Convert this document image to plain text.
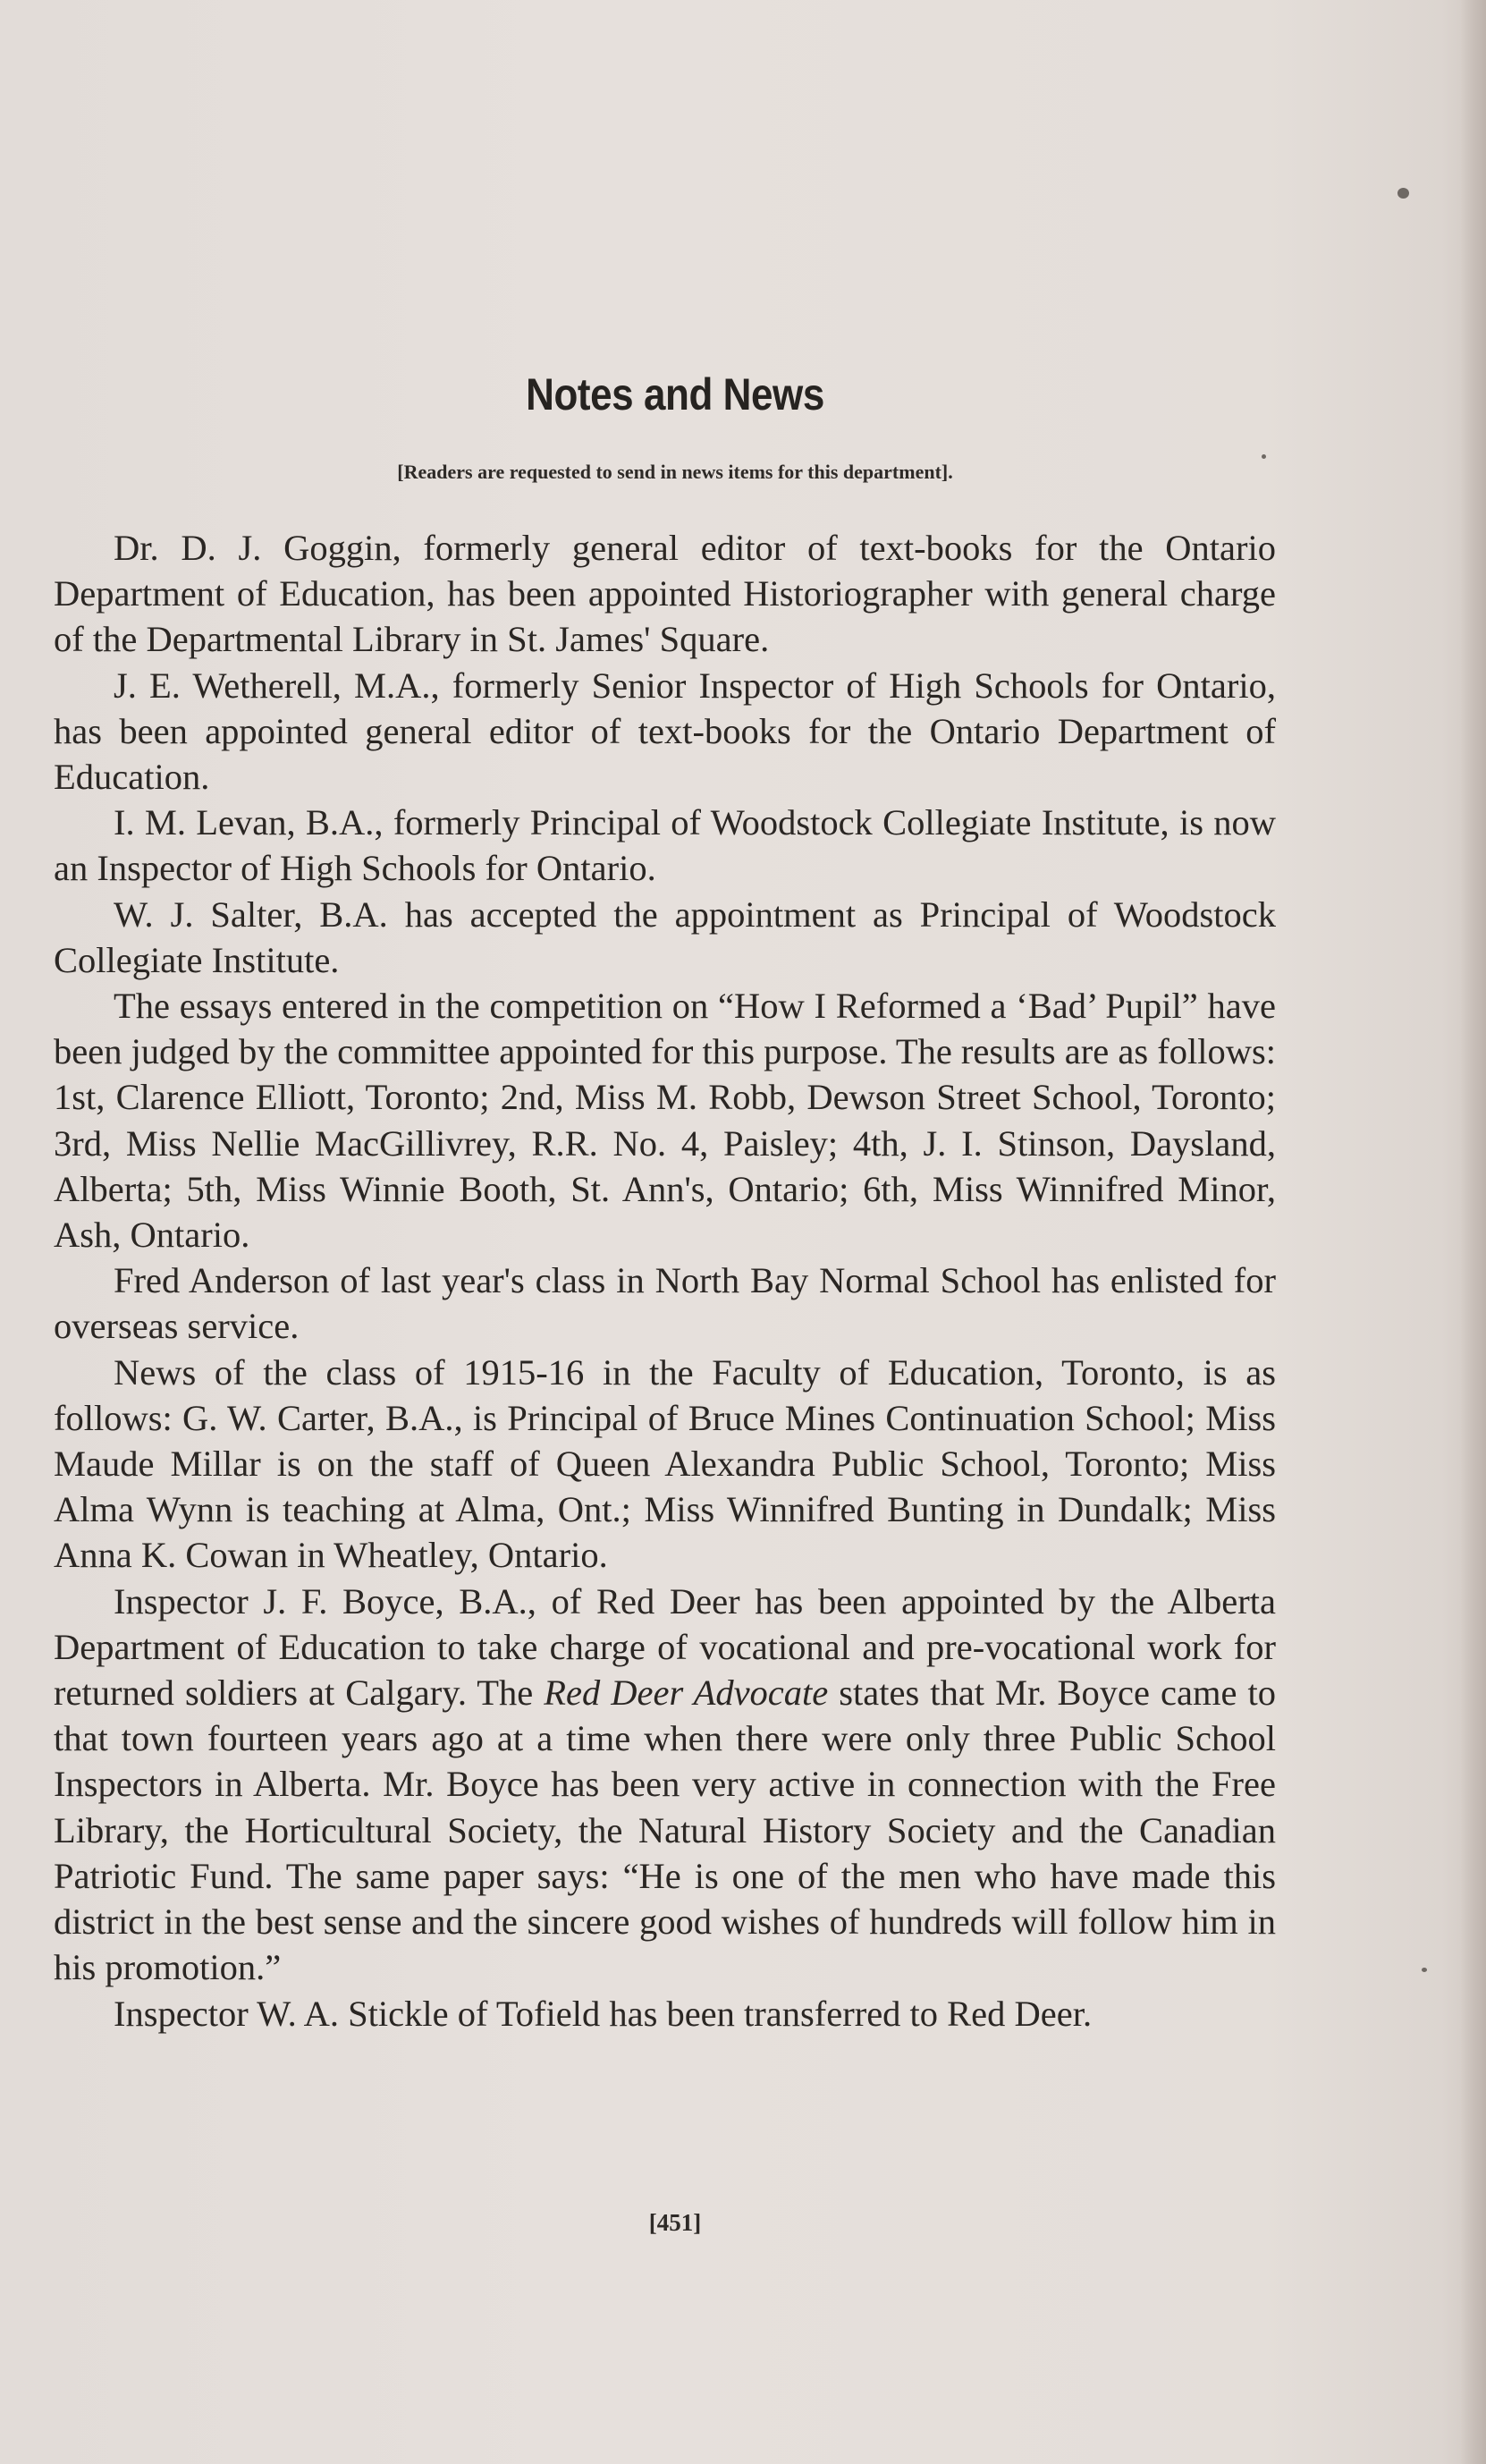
Notes and News

[Readers are requested to send in news items for this department].

Dr. D. J. Goggin, formerly general editor of text-books for the Ontario Department of Education, has been appointed Historiographer with general charge of the Departmental Library in St. James' Square.

J. E. Wetherell, M.A., formerly Senior Inspector of High Schools for Ontario, has been appointed general editor of text-books for the Ontario Department of Education.

I. M. Levan, B.A., formerly Principal of Woodstock Collegiate Institute, is now an Inspector of High Schools for Ontario.

W. J. Salter, B.A. has accepted the appointment as Principal of Woodstock Collegiate Institute.

The essays entered in the competition on “How I Reformed a ‘Bad’ Pupil” have been judged by the committee appointed for this purpose. The results are as follows: 1st, Clarence Elliott, Toronto; 2nd, Miss M. Robb, Dewson Street School, Toronto; 3rd, Miss Nellie MacGillivrey, R.R. No. 4, Paisley; 4th, J. I. Stinson, Daysland, Alberta; 5th, Miss Winnie Booth, St. Ann's, Ontario; 6th, Miss Winnifred Minor, Ash, Ontario.

Fred Anderson of last year's class in North Bay Normal School has enlisted for overseas service.

News of the class of 1915-16 in the Faculty of Education, Toronto, is as follows: G. W. Carter, B.A., is Principal of Bruce Mines Continuation School; Miss Maude Millar is on the staff of Queen Alexandra Public School, Toronto; Miss Alma Wynn is teaching at Alma, Ont.; Miss Winnifred Bunting in Dundalk; Miss Anna K. Cowan in Wheatley, Ontario.

Inspector J. F. Boyce, B.A., of Red Deer has been appointed by the Alberta Department of Education to take charge of vocational and pre-vocational work for returned soldiers at Calgary. The Red Deer Advocate states that Mr. Boyce came to that town fourteen years ago at a time when there were only three Public School Inspectors in Alberta. Mr. Boyce has been very active in connection with the Free Library, the Horticultural Society, the Natural History Society and the Canadian Patriotic Fund. The same paper says: “He is one of the men who have made this district in the best sense and the sincere good wishes of hundreds will follow him in his promotion.”

Inspector W. A. Stickle of Tofield has been transferred to Red Deer.

[451]
